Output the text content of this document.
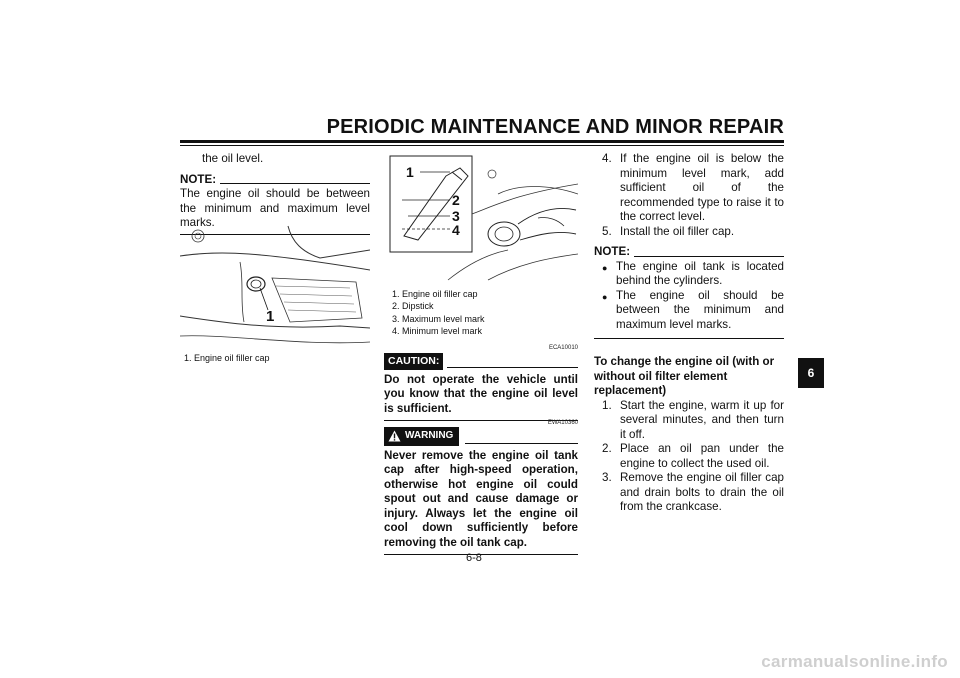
PERIODIC MAINTENANCE AND MINOR REPAIR

the oil level.

NOTE:

The engine oil should be between the minimum and maximum level marks.

1
1. Engine oil filler cap
1
2
3
4
1. Engine oil filler cap
2. Dipstick
3. Maximum level mark
4. Minimum level mark
ECA10010
CAUTION:

Do not operate the vehicle until you know that the engine oil level is sufficient.

EWA10360
WARNING

Never remove the engine oil tank cap after high-speed operation, otherwise hot engine oil could spout out and cause damage or injury. Always let the engine oil cool down sufficiently before removing the oil tank cap.

4. If the engine oil is below the minimum level mark, add sufficient oil of the recommended type to raise it to the correct level.
5. Install the oil filler cap.
NOTE:
● The engine oil tank is located behind the cylinders.
● The engine oil should be between the minimum and maximum level marks.

To change the engine oil (with or without oil filter element replacement)

1. Start the engine, warm it up for several minutes, and then turn it off.
2. Place an oil pan under the engine to collect the used oil.
3. Remove the engine oil filler cap and drain bolts to drain the oil from the crankcase.
6
6-8
carmanualsonline.info
